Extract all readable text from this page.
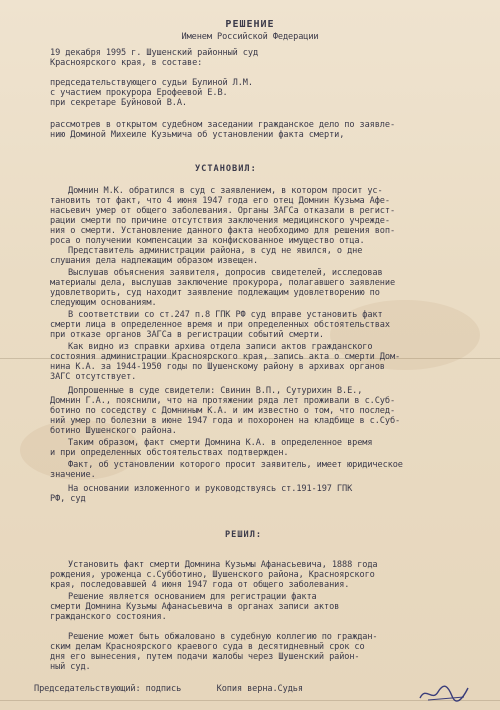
РЕШЕНИЕ
Именем Российской Федерации
19 декабря 1995 г. Шушенский районный суд
Красноярского края, в составе:
председательствующего судьи Булиной Л.М.
с участием прокурора Ерофеевой Е.В.
при секретаре Буйновой В.А.
рассмотрев в открытом судебном заседании гражданское дело по заявле-
нию Доминой Михеиле Кузьмича об установлении факта смерти,
УСТАНОВИЛ:
Домнин М.К. обратился в суд с заявлением, в котором просит ус-
тановить тот факт, что 4 июня 1947 года его отец Домнин Кузьма Афе-
насьевич умер от общего заболевания. Органы ЗАГСа отказали в регист-
рации смерти по причине отсутствия заключения медицинского учрежде-
ния о смерти. Установление данного факта необходимо для решения воп-
роса о получении компенсации за конфискованное имущество отца.
Представитель администрации района, в суд не явился, о дне
слушания дела надлежащим образом извещен.
Выслушав объяснения заявителя, допросив свидетелей, исследовав
материалы дела, выслушав заключение прокурора, полагавшего заявление
удовлетворить, суд находит заявление подлежащим удовлетворению по
следующим основаниям.
В соответствии со ст.247 п.8 ГПК РФ суд вправе установить факт
смерти лица в определенное время и при определенных обстоятельствах
при отказе органов ЗАГСа в регистрации событий смерти.
Как видно из справки архива отдела записи актов гражданского
состояния администрации Красноярского края, запись акта о смерти Дом-
нина К.А. за 1944-1950 годы по Шушенскому району в архивах органов
ЗАГС отсутствует.
Допрошенные в суде свидетели: Свинин В.П., Сутурихин В.Е.,
Домнин Г.А., пояснили, что на протяжении ряда лет проживали в с.Суб-
ботино по соседству с Домниным К.А. и им известно о том, что послед-
ний умер по болезни в июне 1947 года и похоронен на кладбище в с.Суб-
ботино Шушенского района.
Таким образом, факт смерти Домнина К.А. в определенное время
и при определенных обстоятельствах подтвержден.
Факт, об установлении которого просит заявитель, имеет юридическое
значение.
На основании изложенного и руководствуясь ст.191-197 ГПК
РФ, суд
РЕШИЛ:
Установить факт смерти Домнина Кузьмы Афанасьевича, 1888 года
рождения, уроженца с.Субботино, Шушенского района, Красноярского
края, последовавшей 4 июня 1947 года от общего заболевания.
Решение является основанием для регистрации факта
смерти Домнина Кузьмы Афанасьевича в органах записи актов
гражданского состояния.
Решение может быть обжаловано в судебную коллегию по граждан-
ским делам Красноярского краевого суда в десятидневный срок со
дня его вынесения, путем подачи жалобы через Шушенский район-
ный суд.
Председательствующий: подпись       Копия верна.Судья
